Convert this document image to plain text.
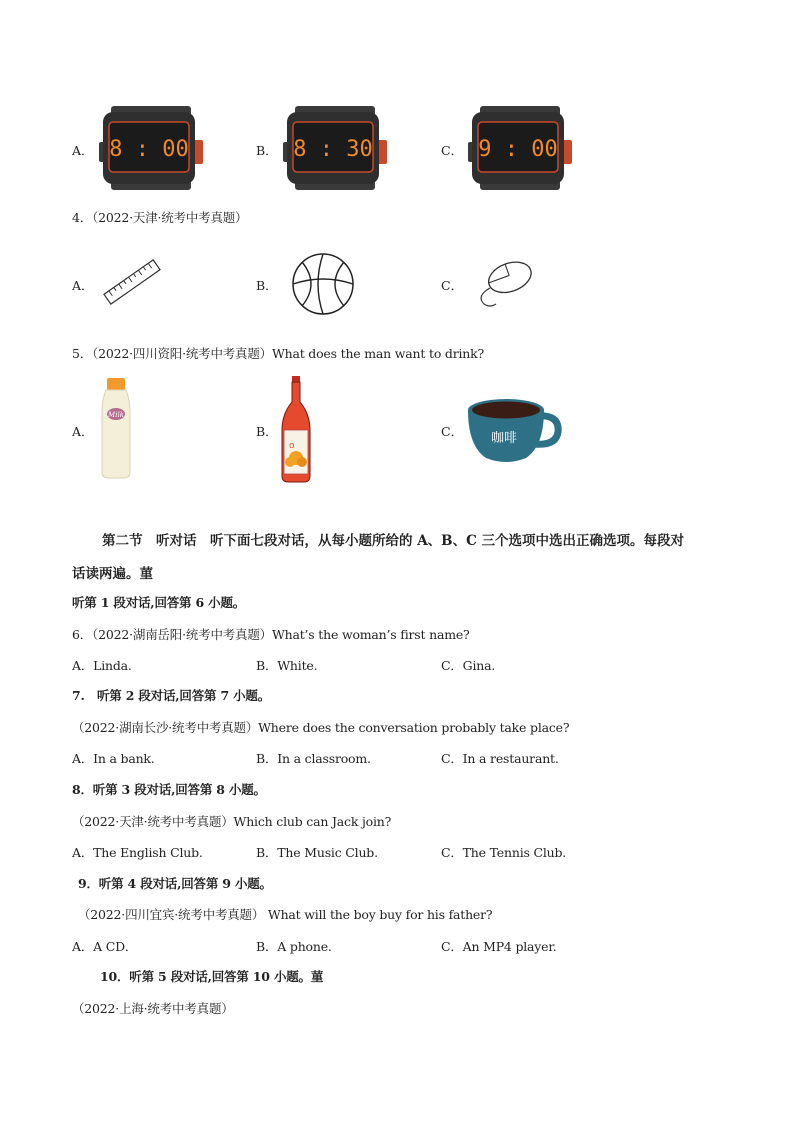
A． 8 : 00	B． 8 : 30	C． 9 : 00
4．（2022·天津·统考中考真题）
A．	B．	C．
5．（2022·四川资阳·统考中考真题）What does the man want to drink?
A．
Milk
B．
o
C． 咖啡
第二节　听对话　听下面七段对话，从每小题所给的 A、B、C 三个选项中选出正确选项。每段对
话读两遍。菫
听第 1 段对话,回答第 6 小题。
6．（2022·湖南岳阳·统考中考真题）What’s the woman’s first name?
A．Linda.	B．White.	C．Gina.
7.　听第 2 段对话,回答第 7 小题。
（2022·湖南长沙·统考中考真题）Where does the conversation probably take place?
A．In a bank.	B．In a classroom.	C．In a restaurant.
8．听第 3 段对话,回答第 8 小题。
（2022·天津·统考中考真题）Which club can Jack join?
A．The English Club.	B．The Music Club.	C．The Tennis Club.
9．听第 4 段对话,回答第 9 小题。
（2022·四川宜宾·统考中考真题） What will the boy buy for his father?
A．A CD．	B．A phone.	C．An MP4 player.
10．听第 5 段对话,回答第 10 小题。菫
（2022·上海·统考中考真题）
